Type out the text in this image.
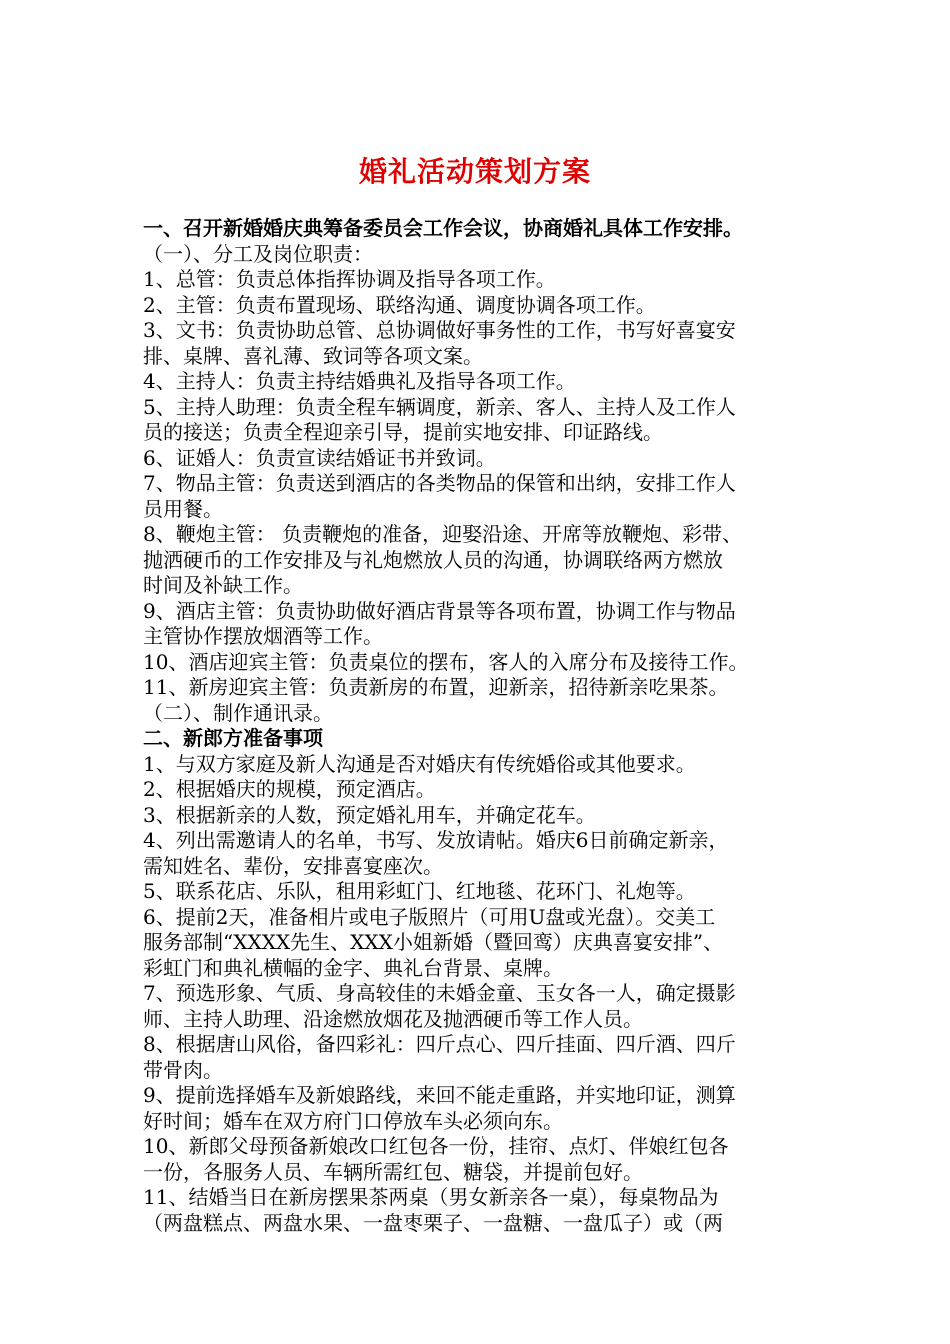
婚礼活动策划方案

一、召开新婚婚庆典筹备委员会工作会议，协商婚礼具体工作安排。

（一）、分工及岗位职责：

1、总管：负责总体指挥协调及指导各项工作。

2、主管：负责布置现场、联络沟通、调度协调各项工作。

3、文书：负责协助总管、总协调做好事务性的工作，书写好喜宴安

排、桌牌、喜礼薄、致词等各项文案。

4、主持人：负责主持结婚典礼及指导各项工作。

5、主持人助理：负责全程车辆调度，新亲、客人、主持人及工作人

员的接送；负责全程迎亲引导，提前实地安排、印证路线。

6、证婚人：负责宣读结婚证书并致词。

7、物品主管：负责送到酒店的各类物品的保管和出纳，安排工作人

员用餐。

8、鞭炮主管： 负责鞭炮的准备，迎娶沿途、开席等放鞭炮、彩带、

抛洒硬币的工作安排及与礼炮燃放人员的沟通，协调联络两方燃放

时间及补缺工作。

9、酒店主管：负责协助做好酒店背景等各项布置，协调工作与物品

主管协作摆放烟酒等工作。

10、酒店迎宾主管：负责桌位的摆布，客人的入席分布及接待工作。

11、新房迎宾主管：负责新房的布置，迎新亲，招待新亲吃果茶。

（二）、制作通讯录。

二、新郎方准备事项

1、与双方家庭及新人沟通是否对婚庆有传统婚俗或其他要求。

2、根据婚庆的规模，预定酒店。

3、根据新亲的人数，预定婚礼用车，并确定花车。

4、列出需邀请人的名单，书写、发放请帖。婚庆6日前确定新亲，

需知姓名、辈份，安排喜宴座次。

5、联系花店、乐队，租用彩虹门、红地毯、花环门、礼炮等。

6、提前2天，准备相片或电子版照片（可用U盘或光盘）。交美工

服务部制“XXXX先生、XXX小姐新婚（暨回鸾）庆典喜宴安排”、

彩虹门和典礼横幅的金字、典礼台背景、桌牌。

7、预选形象、气质、身高较佳的未婚金童、玉女各一人，确定摄影

师、主持人助理、沿途燃放烟花及抛洒硬币等工作人员。

8、根据唐山风俗，备四彩礼：四斤点心、四斤挂面、四斤酒、四斤

带骨肉。

9、提前选择婚车及新娘路线，来回不能走重路，并实地印证，测算

好时间；婚车在双方府门口停放车头必须向东。

10、新郎父母预备新娘改口红包各一份，挂帘、点灯、伴娘红包各

一份，各服务人员、车辆所需红包、糖袋，并提前包好。

11、结婚当日在新房摆果茶两桌（男女新亲各一桌），每桌物品为

（两盘糕点、两盘水果、一盘枣栗子、一盘糖、一盘瓜子）或（两
